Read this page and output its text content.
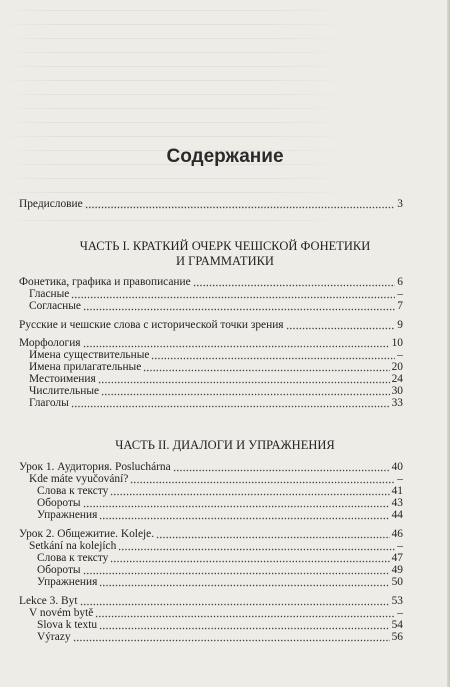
Содержание
Предисловие	3
ЧАСТЬ I. КРАТКИЙ ОЧЕРК ЧЕШСКОЙ ФОНЕТИКИ
И ГРАММАТИКИ
Фонетика, графика и правописание	6
Гласные	–
Согласные	7
Русские и чешские слова с исторической точки зрения	9
Морфология	10
Имена существительные	–
Имена прилагательные	20
Местоимения	24
Числительные	30
Глаголы	33
ЧАСТЬ II. ДИАЛОГИ И УПРАЖНЕНИЯ
Урок 1. Аудитория. Posluchárna	40
Kde máte vyučování?	–
Слова к тексту	41
Обороты	43
Упражнения	44
Урок 2. Общежитие. Koleje.	46
Setkání na kolejích	–
Слова к тексту	47
Обороты	49
Упражнения	50
Lekce 3. Byt	53
V novém bytě	–
Slova k textu	54
Výrazy	56
